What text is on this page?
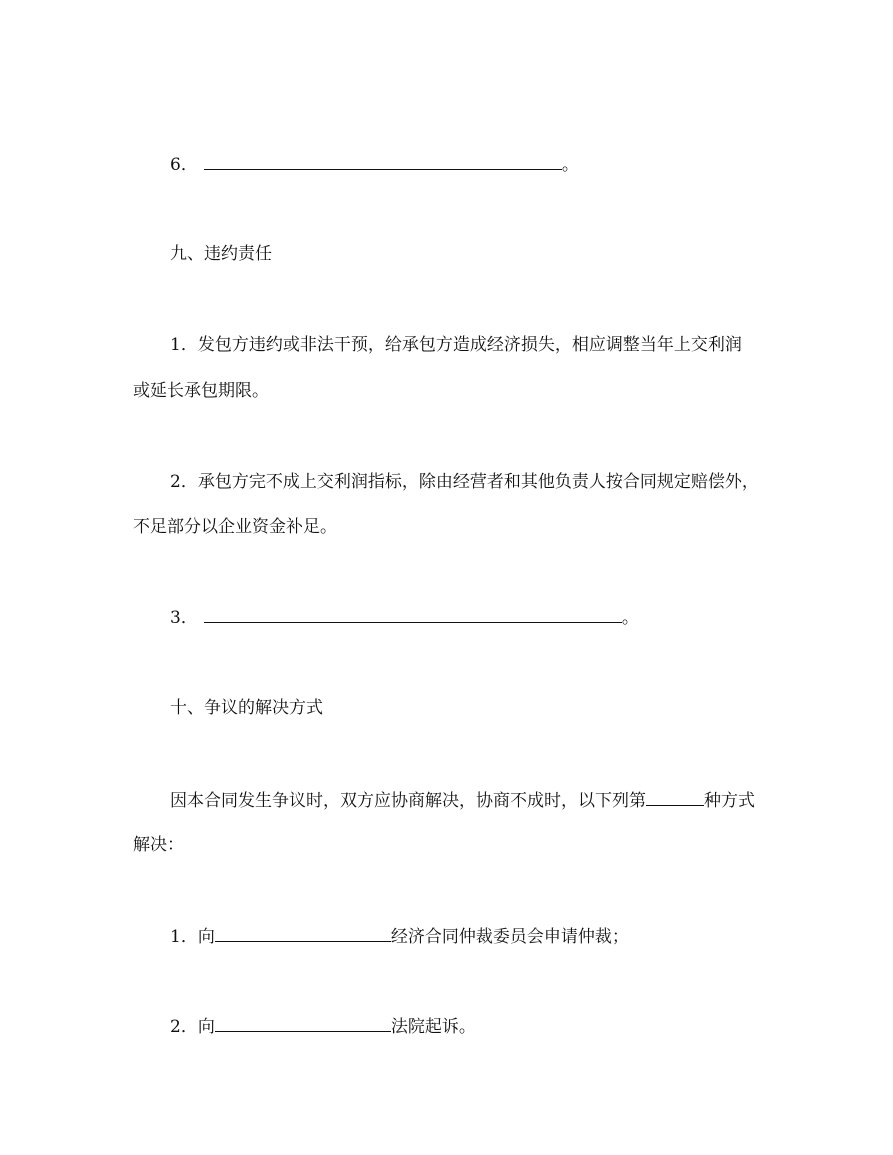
6．	。
九、违约责任
1．发包方违约或非法干预，给承包方造成经济损失，相应调整当年上交利润
或延长承包期限。
2．承包方完不成上交利润指标，除由经营者和其他负责人按合同规定赔偿外，
不足部分以企业资金补足。
3．	。
十、争议的解决方式
因本合同发生争议时，双方应协商解决，协商不成时，以下列第	种方式
解决：
1．向	经济合同仲裁委员会申请仲裁；
2．向	法院起诉。
